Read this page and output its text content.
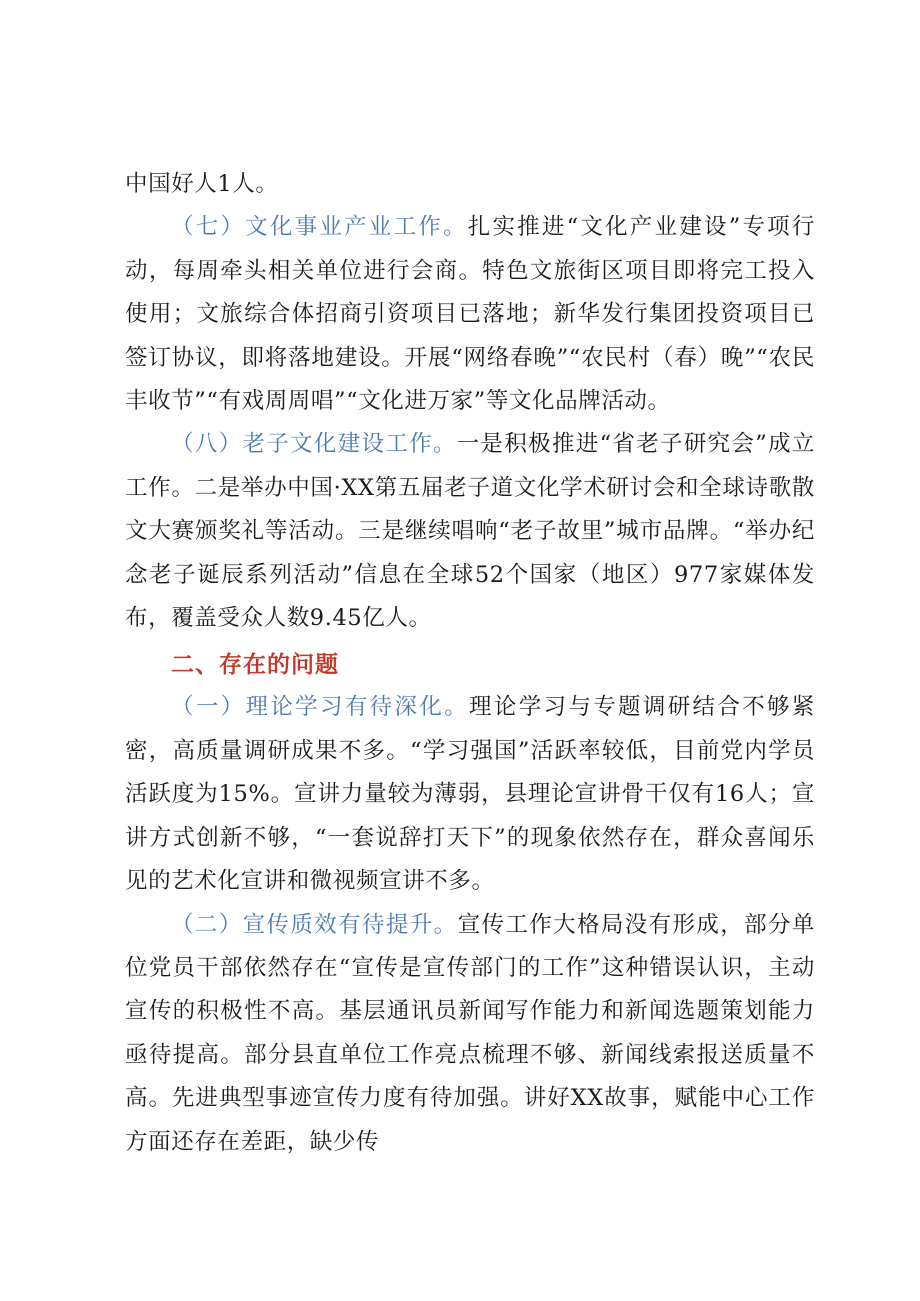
中国好人1人。

（七）文化事业产业工作。扎实推进“文化产业建设”专项行动，每周牵头相关单位进行会商。特色文旅街区项目即将完工投入使用；文旅综合体招商引资项目已落地；新华发行集团投资项目已签订协议，即将落地建设。开展“网络春晚”“农民村（春）晚”“农民丰收节”“有戏周周唱”“文化进万家”等文化品牌活动。

（八）老子文化建设工作。一是积极推进“省老子研究会”成立工作。二是举办中国·XX第五届老子道文化学术研讨会和全球诗歌散文大赛颁奖礼等活动。三是继续唱响“老子故里”城市品牌。“举办纪念老子诞辰系列活动”信息在全球52个国家（地区）977家媒体发布，覆盖受众人数9.45亿人。

二、存在的问题

（一）理论学习有待深化。理论学习与专题调研结合不够紧密，高质量调研成果不多。“学习强国”活跃率较低，目前党内学员活跃度为15%。宣讲力量较为薄弱，县理论宣讲骨干仅有16人；宣讲方式创新不够，“一套说辞打天下”的现象依然存在，群众喜闻乐见的艺术化宣讲和微视频宣讲不多。

（二）宣传质效有待提升。宣传工作大格局没有形成，部分单位党员干部依然存在“宣传是宣传部门的工作”这种错误认识，主动宣传的积极性不高。基层通讯员新闻写作能力和新闻选题策划能力亟待提高。部分县直单位工作亮点梳理不够、新闻线索报送质量不高。先进典型事迹宣传力度有待加强。讲好XX故事，赋能中心工作方面还存在差距，缺少传
